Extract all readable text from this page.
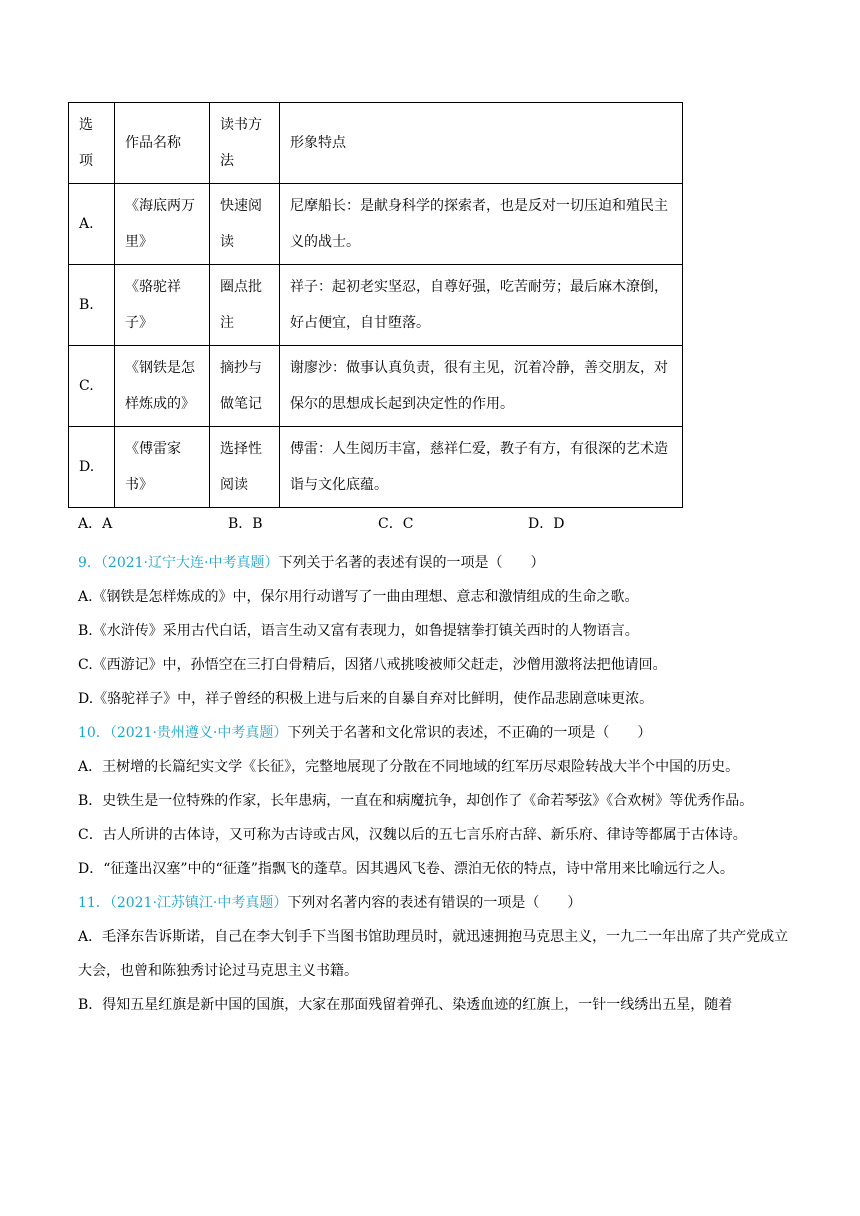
选项	作品名称	读书方法	形象特点
A.	《海底两万里》	快速阅读	尼摩船长：是献身科学的探索者，也是反对一切压迫和殖民主义的战士。
B.	《骆驼祥子》	圈点批注	祥子：起初老实坚忍，自尊好强，吃苦耐劳；最后麻木潦倒，好占便宜，自甘堕落。
C.	《钢铁是怎样炼成的》	摘抄与做笔记	谢廖沙：做事认真负责，很有主见，沉着冷静，善交朋友，对保尔的思想成长起到决定性的作用。
D.	《傅雷家书》	选择性阅读	傅雷：人生阅历丰富，慈祥仁爱，教子有方，有很深的艺术造诣与文化底蕴。
A．A	B．B	C．C	D．D
9．（2021·辽宁大连·中考真题）下列关于名著的表述有误的一项是（　　）
A.《钢铁是怎样炼成的》中，保尔用行动谱写了一曲由理想、意志和激情组成的生命之歌。
B.《水浒传》采用古代白话，语言生动又富有表现力，如鲁提辖拳打镇关西时的人物语言。
C.《西游记》中，孙悟空在三打白骨精后，因猪八戒挑唆被师父赶走，沙僧用激将法把他请回。
D.《骆驼祥子》中，祥子曾经的积极上进与后来的自暴自弃对比鲜明，使作品悲剧意味更浓。
10．（2021·贵州遵义·中考真题）下列关于名著和文化常识的表述，不正确的一项是（　　）
A．王树增的长篇纪实文学《长征》，完整地展现了分散在不同地域的红军历尽艰险转战大半个中国的历史。
B．史铁生是一位特殊的作家，长年患病，一直在和病魔抗争，却创作了《命若琴弦》《合欢树》等优秀作品。
C．古人所讲的古体诗，又可称为古诗或古风，汉魏以后的五七言乐府古辞、新乐府、律诗等都属于古体诗。
D．“征蓬出汉塞”中的“征蓬”指飘飞的蓬草。因其遇风飞卷、漂泊无依的特点，诗中常用来比喻远行之人。
11．（2021·江苏镇江·中考真题）下列对名著内容的表述有错误的一项是（　　）
A．毛泽东告诉斯诺，自己在李大钊手下当图书馆助理员时，就迅速拥抱马克思主义，一九二一年出席了共产党成立大会，也曾和陈独秀讨论过马克思主义书籍。
B．得知五星红旗是新中国的国旗，大家在那面残留着弹孔、染透血迹的红旗上，一针一线绣出五星，随着
